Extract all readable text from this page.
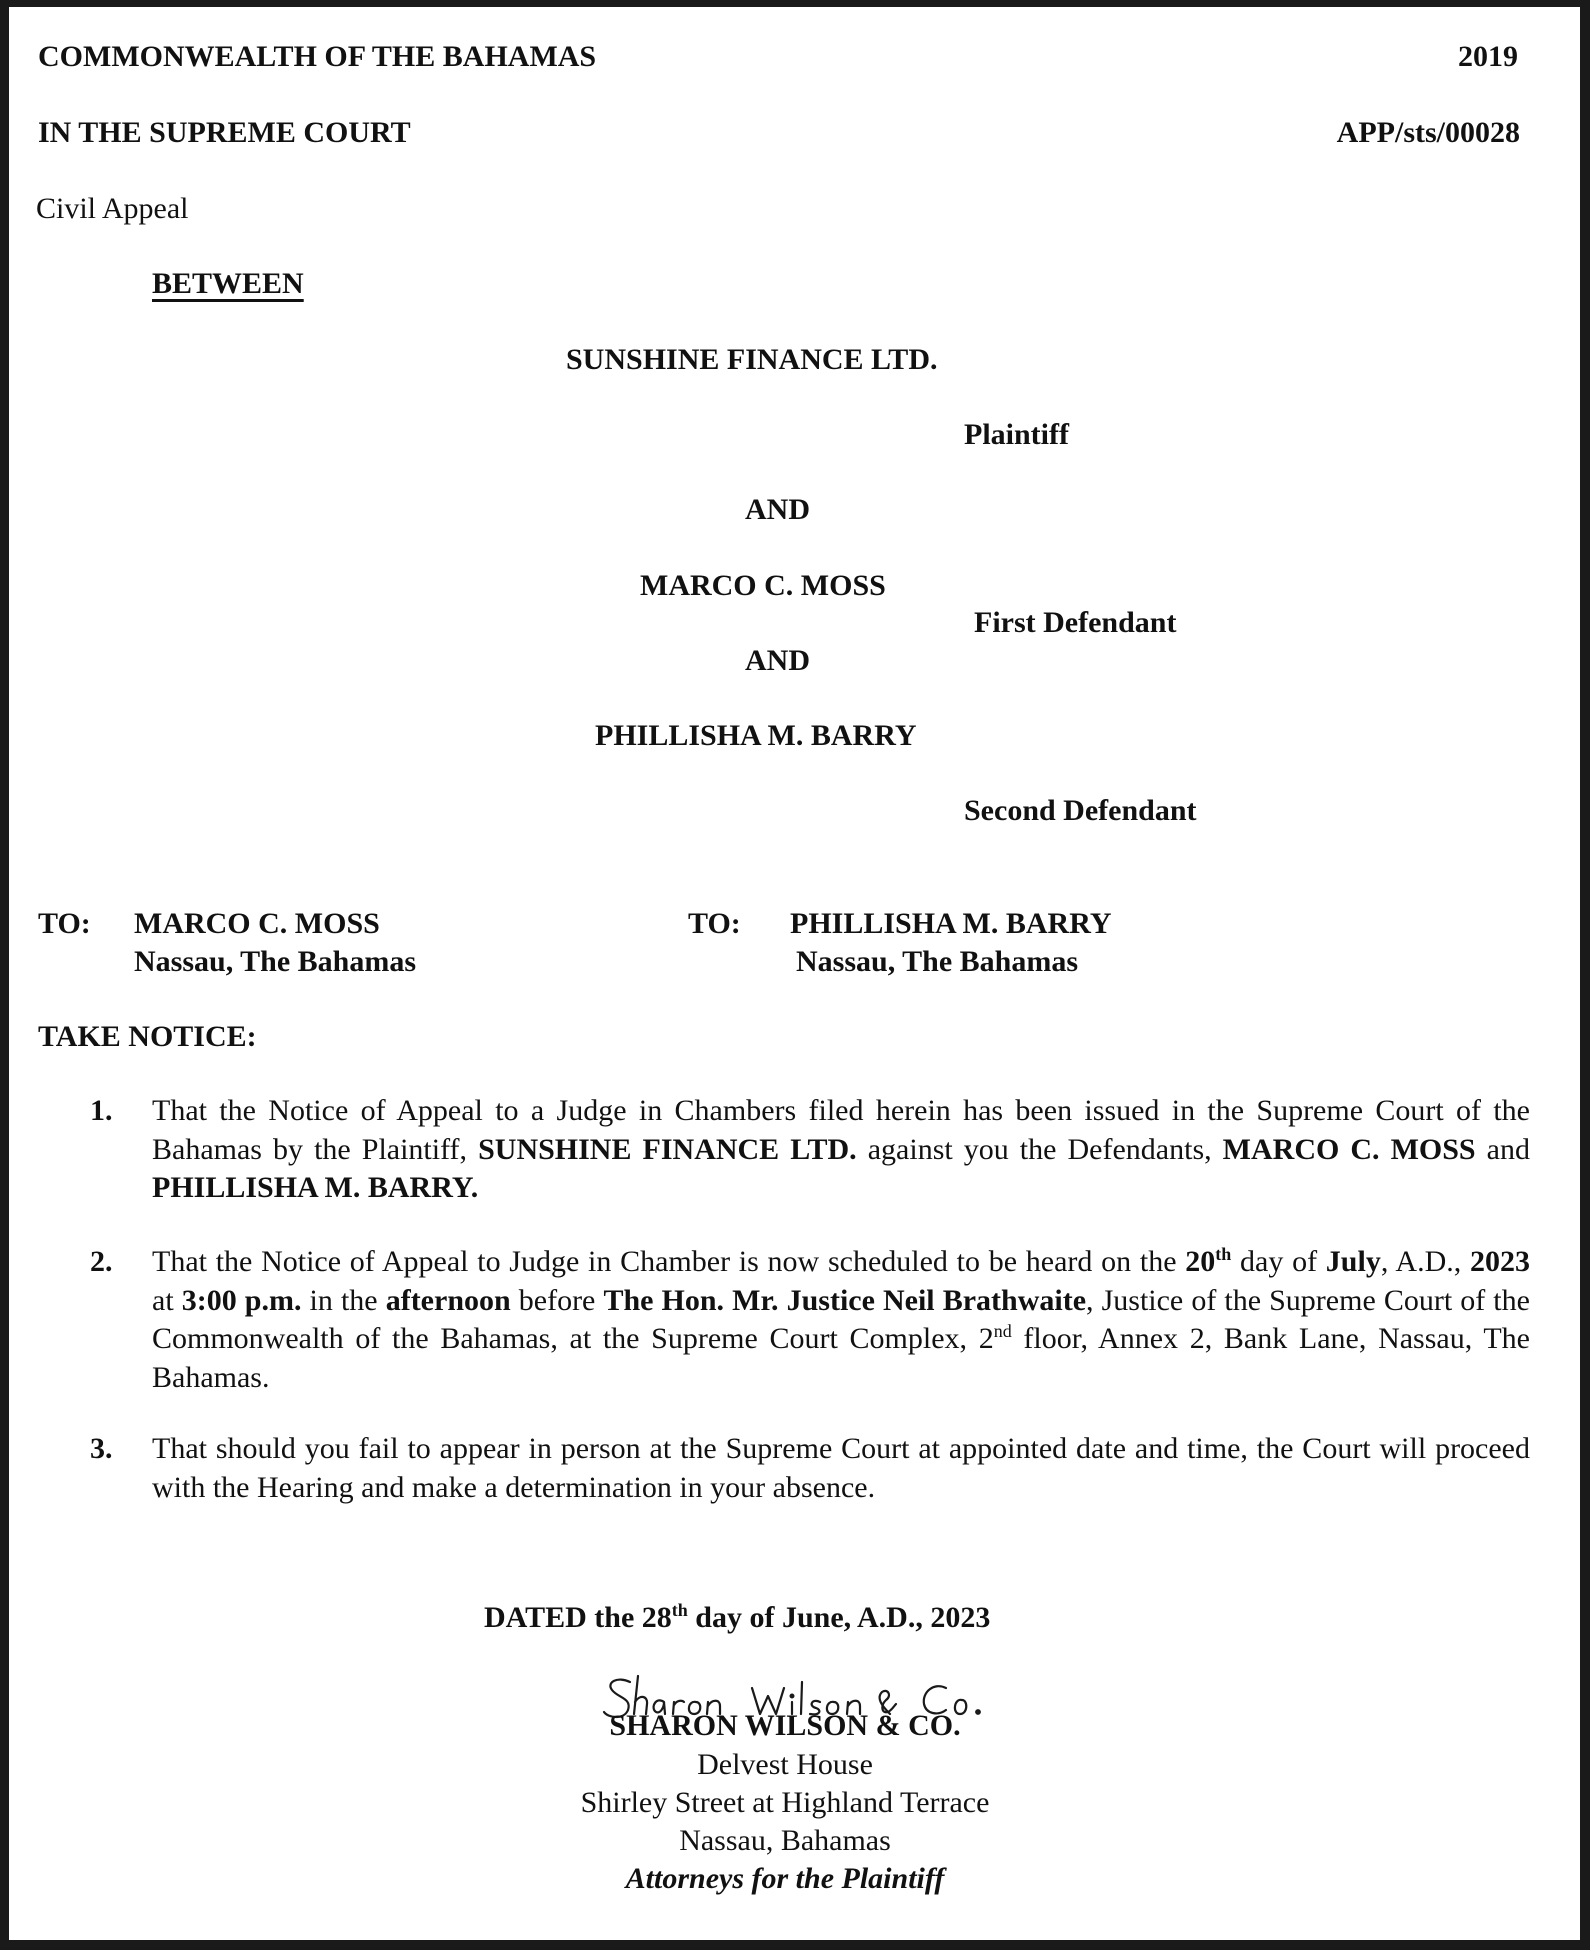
COMMONWEALTH OF THE BAHAMAS	2019
IN THE SUPREME COURT	APP/sts/00028
Civil Appeal
BETWEEN
SUNSHINE FINANCE LTD.
Plaintiff
AND
MARCO C. MOSS
First Defendant
AND
PHILLISHA M. BARRY
Second Defendant
TO: MARCO C. MOSS
Nassau, The Bahamas
TO: PHILLISHA M. BARRY
Nassau, The Bahamas
TAKE NOTICE:
1. That the Notice of Appeal to a Judge in Chambers filed herein has been issued in the Supreme Court of the Bahamas by the Plaintiff, SUNSHINE FINANCE LTD. against you the Defendants, MARCO C. MOSS and PHILLISHA M. BARRY.
2. That the Notice of Appeal to Judge in Chamber is now scheduled to be heard on the 20th day of July, A.D., 2023 at 3:00 p.m. in the afternoon before The Hon. Mr. Justice Neil Brathwaite, Justice of the Supreme Court of the Commonwealth of the Bahamas, at the Supreme Court Complex, 2nd floor, Annex 2, Bank Lane, Nassau, The Bahamas.
3. That should you fail to appear in person at the Supreme Court at appointed date and time, the Court will proceed with the Hearing and make a determination in your absence.
DATED the 28th day of June, A.D., 2023
SHARON WILSON & CO.
Delvest House
Shirley Street at Highland Terrace
Nassau, Bahamas
Attorneys for the Plaintiff
